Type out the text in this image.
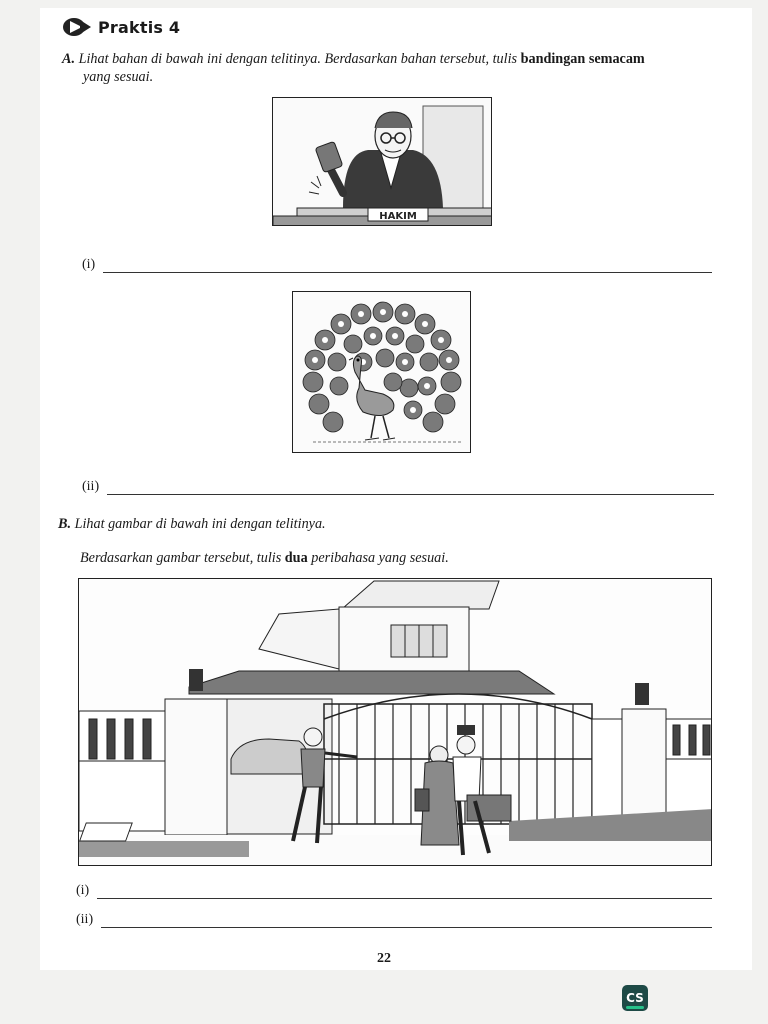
Praktis 4
A. Lihat bahan di bawah ini dengan telitinya. Berdasarkan bahan tersebut, tulis bandingan semacam
yang sesuai.
HAKIM
(i)
(ii)
B. Lihat gambar di bawah ini dengan telitinya.
Berdasarkan gambar tersebut, tulis dua peribahasa yang sesuai.
(i)
(ii)
22
CS
